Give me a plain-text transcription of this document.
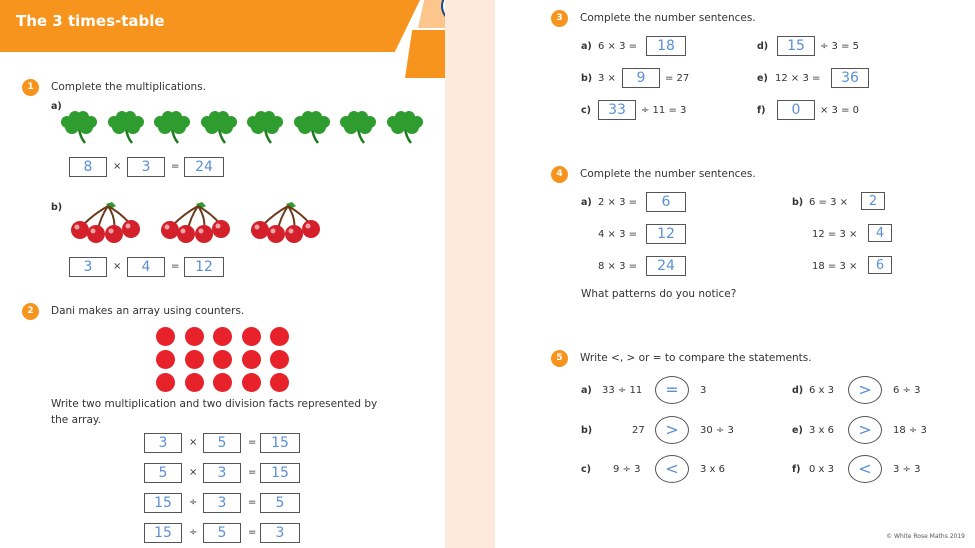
The 3 times-table
1	Complete the multiplications.
a)
8	×	3	=	24
b)
3	×	4	=	12
2	Dani makes an array using counters.
Write two multiplication and two division facts represented by
the array.
3	×	5	=	15
5	×	3	=	15
15	÷	3	=	5
15	÷	5	=	3
3	Complete the number sentences.
a) 6 × 3 =	18
b) 3 ×	9	= 27
c)	33	÷ 11 = 3
d)	15	÷ 3 = 5
e) 12 × 3 =	36
f)	0	× 3 = 0
4	Complete the number sentences.
a) 2 × 3 =	6
4 × 3 =	12
8 × 3 =	24
b) 6 = 3 ×	2
12 = 3 ×	4
18 = 3 ×	6
What patterns do you notice?
5	Write <, > or = to compare the statements.
a) 33 ÷ 11	=	3
b)	27	>	30 ÷ 3
c) 9 ÷ 3	<	3 x 6
d) 6 x 3	>	6 ÷ 3
e) 3 x 6	>	18 ÷ 3
f) 0 x 3	<	3 ÷ 3
© White Rose Maths 2019
